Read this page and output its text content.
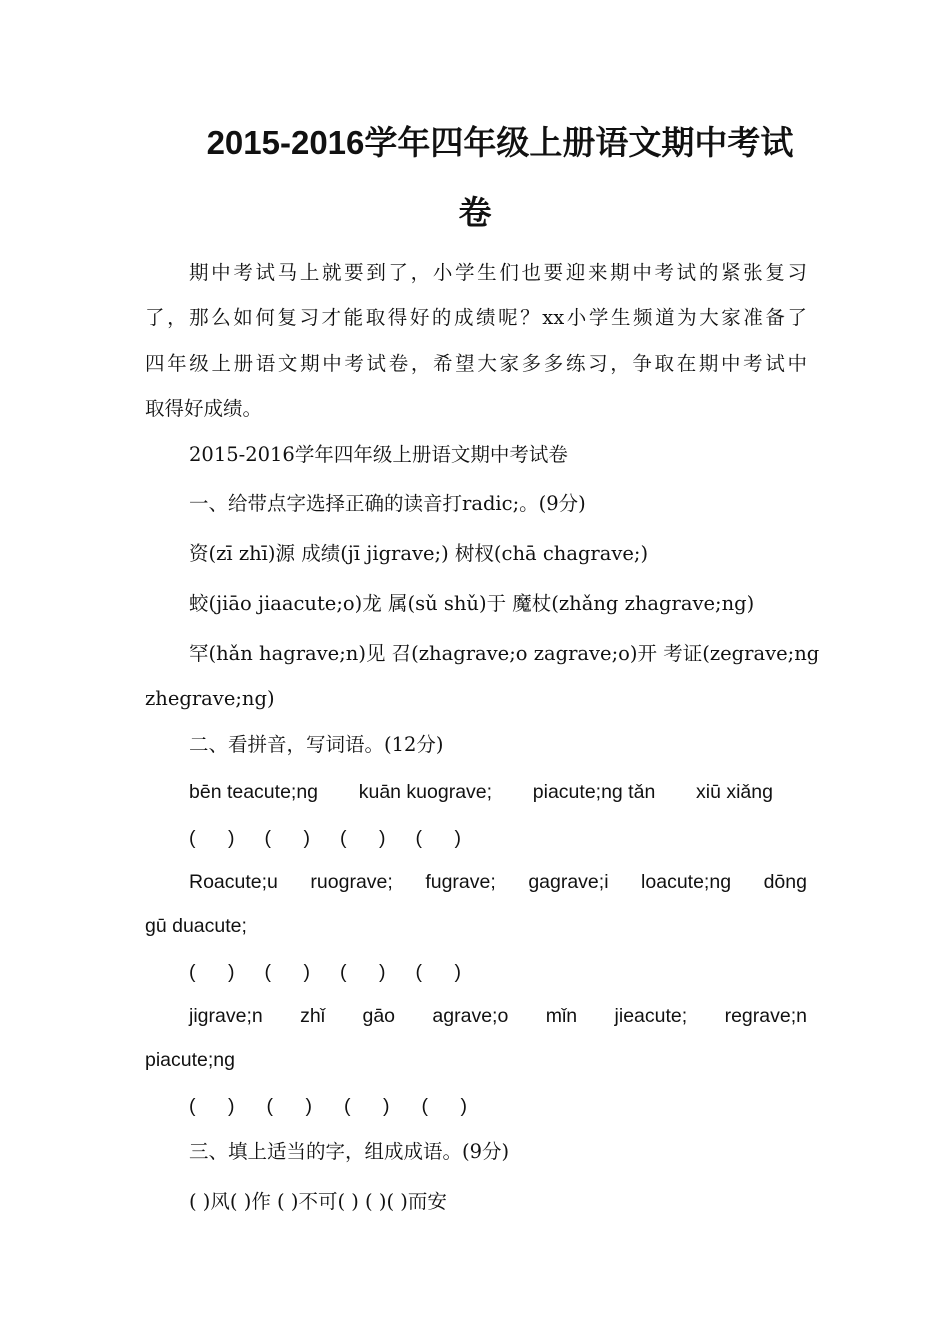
2015-2016学年四年级上册语文期中考试
卷
期中考试马上就要到了，小学生们也要迎来期中考试的紧张复习
了，那么如何复习才能取得好的成绩呢？xx小学生频道为大家准备了
四年级上册语文期中考试卷，希望大家多多练习，争取在期中考试中
取得好成绩。
2015-2016学年四年级上册语文期中考试卷
一、给带点字选择正确的读音打radic;。(9分)
资(zī zhī)源 成绩(jī jigrave;) 树杈(chā chagrave;)
蛟(jiāo jiaacute;o)龙 属(sǔ shǔ)于 魔杖(zhǎng zhagrave;ng)
罕(hǎn hagrave;n)见 召(zhagrave;o zagrave;o)开 考证(zegrave;ng
zhegrave;ng)
二、看拼音，写词语。(12分)
bēn teacute;ng kuān kuograve; piacute;ng tǎn xiū xiǎng
(      ) (      ) (      ) (      )
Roacute;u ruograve; fugrave; gagrave;i loacute;ng dōng
gū duacute;
(      ) (      ) (      ) (      )
jigrave;n zhǐ gāo agrave;o mǐn jieacute; regrave;n
piacute;ng
(      ) (      ) (      ) (      )
三、填上适当的字，组成成语。(9分)
( )风( )作 ( )不可( ) ( )( )而安
